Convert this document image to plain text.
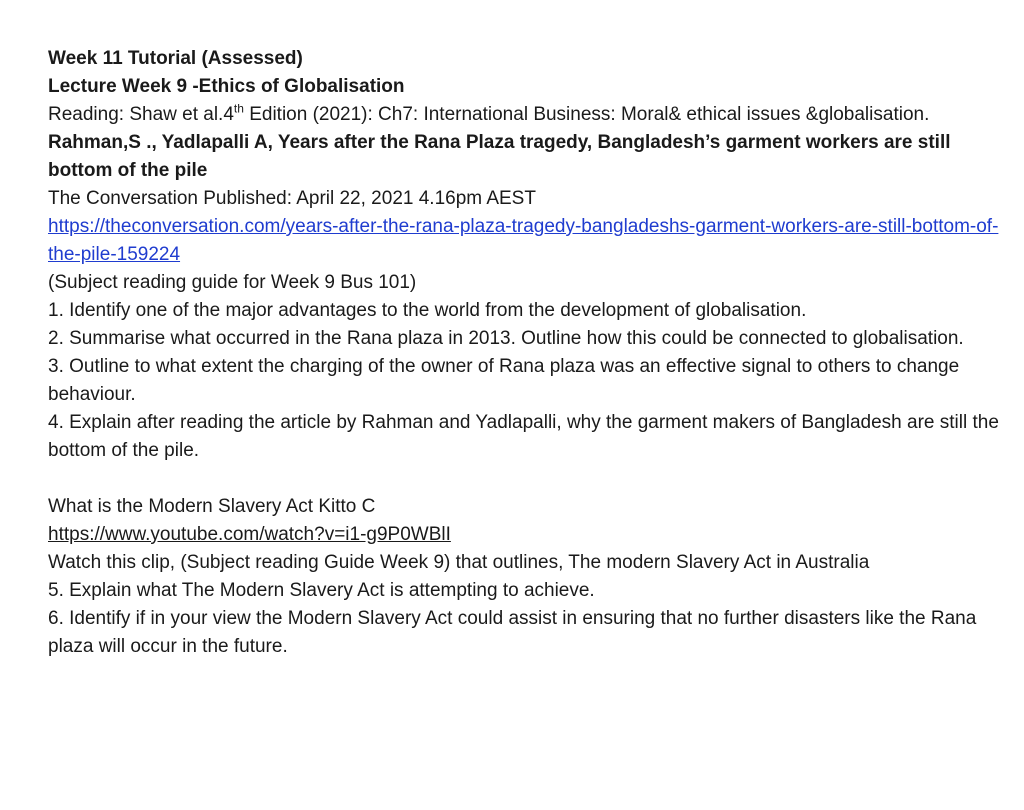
Week 11 Tutorial (Assessed)
Lecture Week 9 -Ethics of Globalisation
Reading: Shaw et al.4th Edition (2021): Ch7: International Business: Moral& ethical issues &globalisation.
Rahman,S ., Yadlapalli A, Years after the Rana Plaza tragedy, Bangladesh’s garment workers are still bottom of the pile
The Conversation Published: April 22, 2021 4.16pm AEST
https://theconversation.com/years-after-the-rana-plaza-tragedy-bangladeshs-garment-workers-are-still-bottom-of-the-pile-159224
(Subject reading guide for Week 9 Bus 101)
1. Identify one of the major advantages to the world from the development of globalisation.
2. Summarise what occurred in the Rana plaza in 2013. Outline how this could be connected to globalisation.
3. Outline to what extent the charging of the owner of Rana plaza was an effective signal to others to change behaviour.
4. Explain after reading the article by Rahman and Yadlapalli, why the garment makers of Bangladesh are still the bottom of the pile.
What is the Modern Slavery Act Kitto C
https://www.youtube.com/watch?v=i1-g9P0WBlI
Watch this clip, (Subject reading Guide Week 9) that outlines, The modern Slavery Act in Australia
5. Explain what The Modern Slavery Act is attempting to achieve.
6. Identify if in your view the Modern Slavery Act could assist in ensuring that no further disasters like the Rana plaza will occur in the future.
